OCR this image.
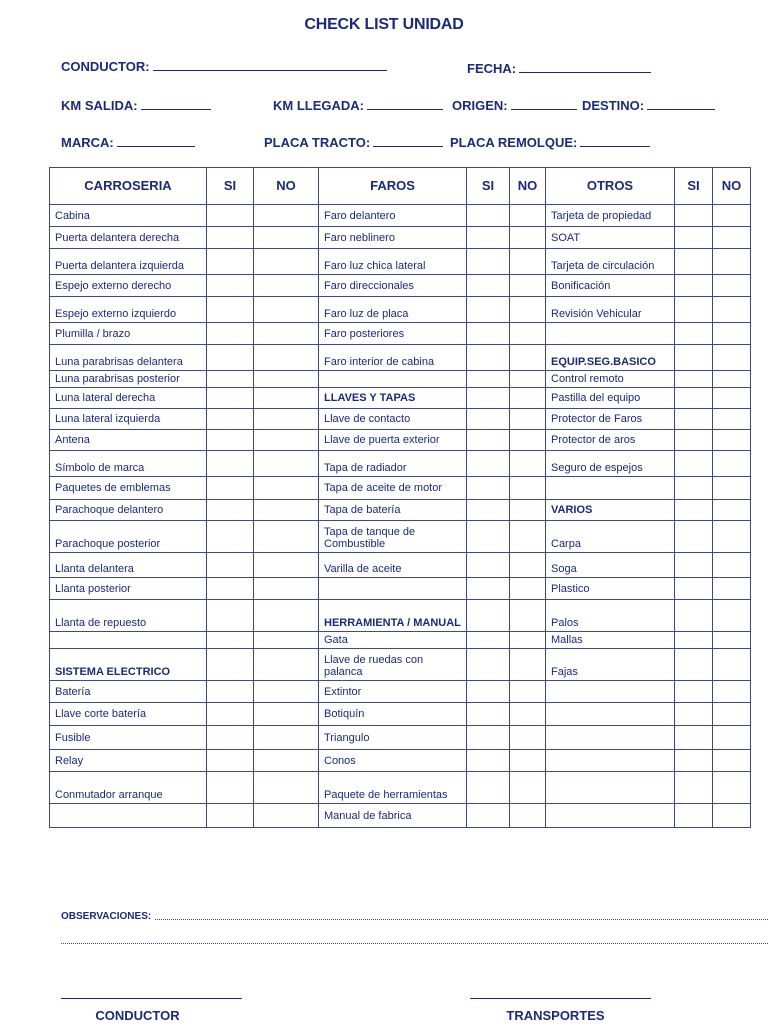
CHECK LIST UNIDAD
CONDUCTOR:	FECHA:
KM SALIDA:	KM LLEGADA:	ORIGEN:	DESTINO:
MARCA:	PLACA TRACTO:	PLACA REMOLQUE:
CARROSERIA	SI	NO	FAROS	SI	NO	OTROS	SI	NO
Cabina			Faro delantero			Tarjeta de propiedad		
Puerta delantera derecha			Faro neblinero			SOAT		
Puerta delantera izquierda			Faro luz chica lateral			Tarjeta de circulación		
Espejo externo derecho			Faro direccionales			Bonificación		
Espejo externo izquierdo			Faro luz de placa			Revisión Vehicular		
Plumilla / brazo			Faro posteriores					
Luna parabrisas delantera			Faro interior de cabina			EQUIP.SEG.BASICO		
Luna parabrisas posterior						Control remoto		
Luna lateral derecha			LLAVES Y TAPAS			Pastilla del equipo		
Luna lateral izquierda			Llave de contacto			Protector de Faros		
Antena			Llave de puerta exterior			Protector de aros		
Símbolo de marca			Tapa de radiador			Seguro de espejos		
Paquetes de emblemas			Tapa de aceite de motor					
Parachoque delantero			Tapa de batería			VARIOS		
Parachoque posterior			Tapa de tanque de Combustible			Carpa		
Llanta delantera			Varilla de aceite			Soga		
Llanta posterior						Plastico		
Llanta de repuesto			HERRAMIENTA / MANUAL			Palos		
			Gata			Mallas		
SISTEMA ELECTRICO			Llave de ruedas con palanca			Fajas		
Batería			Extintor					
Llave corte batería			Botiquín					
Fusible			Triangulo					
Relay			Conos					
Conmutador arranque			Paquete de herramientas					
			Manual de fabrica					
OBSERVACIONES:
CONDUCTOR	TRANSPORTES
